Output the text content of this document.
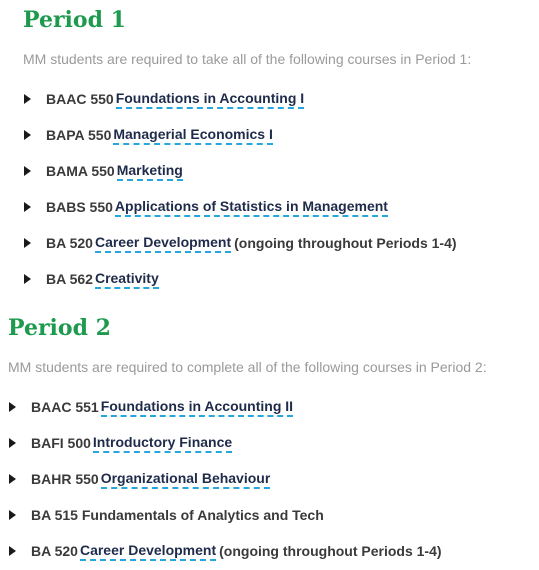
Period 1

MM students are required to take all of the following courses in Period 1:

BAAC 550 Foundations in Accounting I
BAPA 550 Managerial Economics I
BAMA 550 Marketing
BABS 550 Applications of Statistics in Management
BA 520 Career Development (ongoing throughout Periods 1-4)
BA 562 Creativity
Period 2

MM students are required to complete all of the following courses in Period 2:

BAAC 551 Foundations in Accounting II
BAFI 500 Introductory Finance
BAHR 550 Organizational Behaviour
BA 515 Fundamentals of Analytics and Tech
BA 520 Career Development (ongoing throughout Periods 1-4)
